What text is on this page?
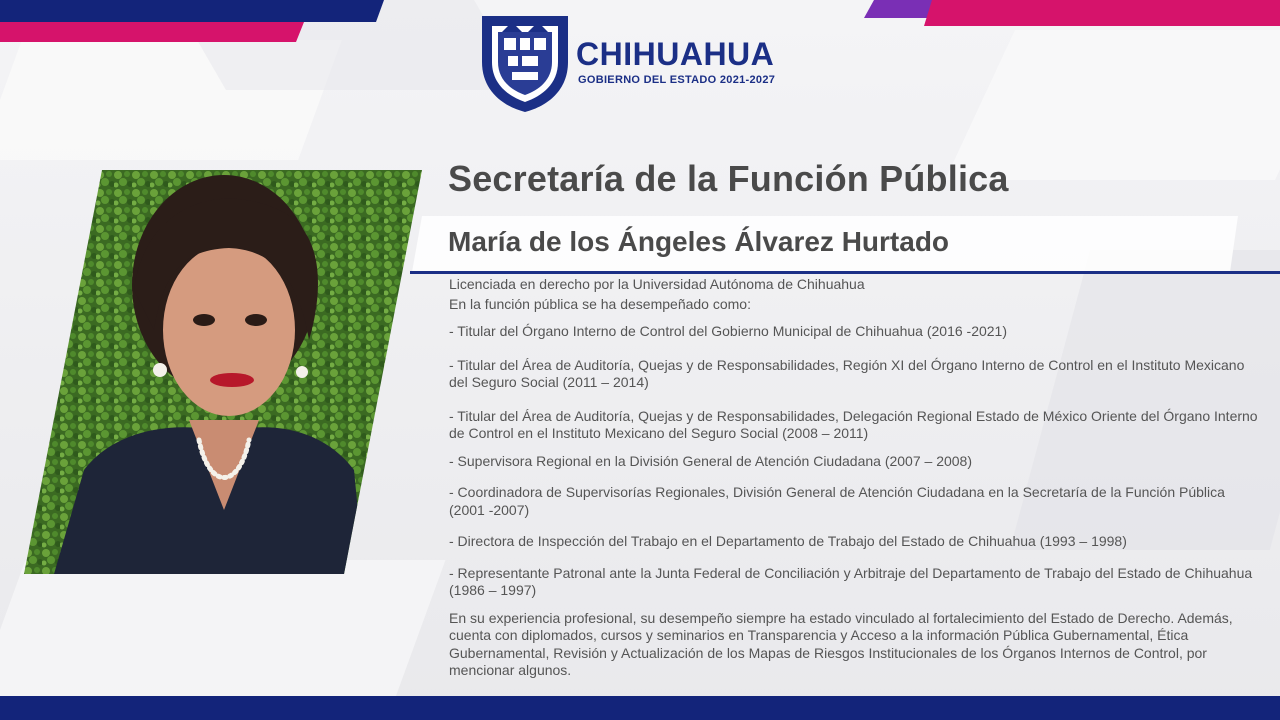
CHIHUAHUA
GOBIERNO DEL ESTADO 2021-2027
Secretaría de la Función Pública
María de los Ángeles Álvarez Hurtado

Licenciada en derecho por la Universidad Autónoma de Chihuahua

En la función pública se ha desempeñado como:

- Titular del Órgano Interno de Control del Gobierno Municipal de Chihuahua (2016 -2021)

- Titular del Área de Auditoría, Quejas y de Responsabilidades, Región XI del Órgano Interno de Control en el Instituto Mexicano del Seguro Social (2011 – 2014)

- Titular del Área de Auditoría, Quejas y de Responsabilidades, Delegación Regional Estado de México Oriente del Órgano Interno de Control en el Instituto Mexicano del Seguro Social (2008 – 2011)

- Supervisora Regional en la División General de Atención Ciudadana (2007 – 2008)

- Coordinadora de Supervisorías Regionales, División General de Atención Ciudadana en la Secretaría de la Función Pública (2001 -2007)

- Directora de Inspección del Trabajo en el Departamento de Trabajo del Estado de Chihuahua (1993 – 1998)

- Representante Patronal ante la Junta Federal de Conciliación y Arbitraje del Departamento de Trabajo del Estado de Chihuahua (1986 – 1997)

En su experiencia profesional, su desempeño siempre ha estado vinculado al fortalecimiento del Estado de Derecho. Además, cuenta con diplomados, cursos y seminarios en Transparencia y Acceso a la información Pública Gubernamental, Ética Gubernamental, Revisión y Actualización de los Mapas de Riesgos Institucionales de los Órganos Internos de Control, por mencionar algunos.
